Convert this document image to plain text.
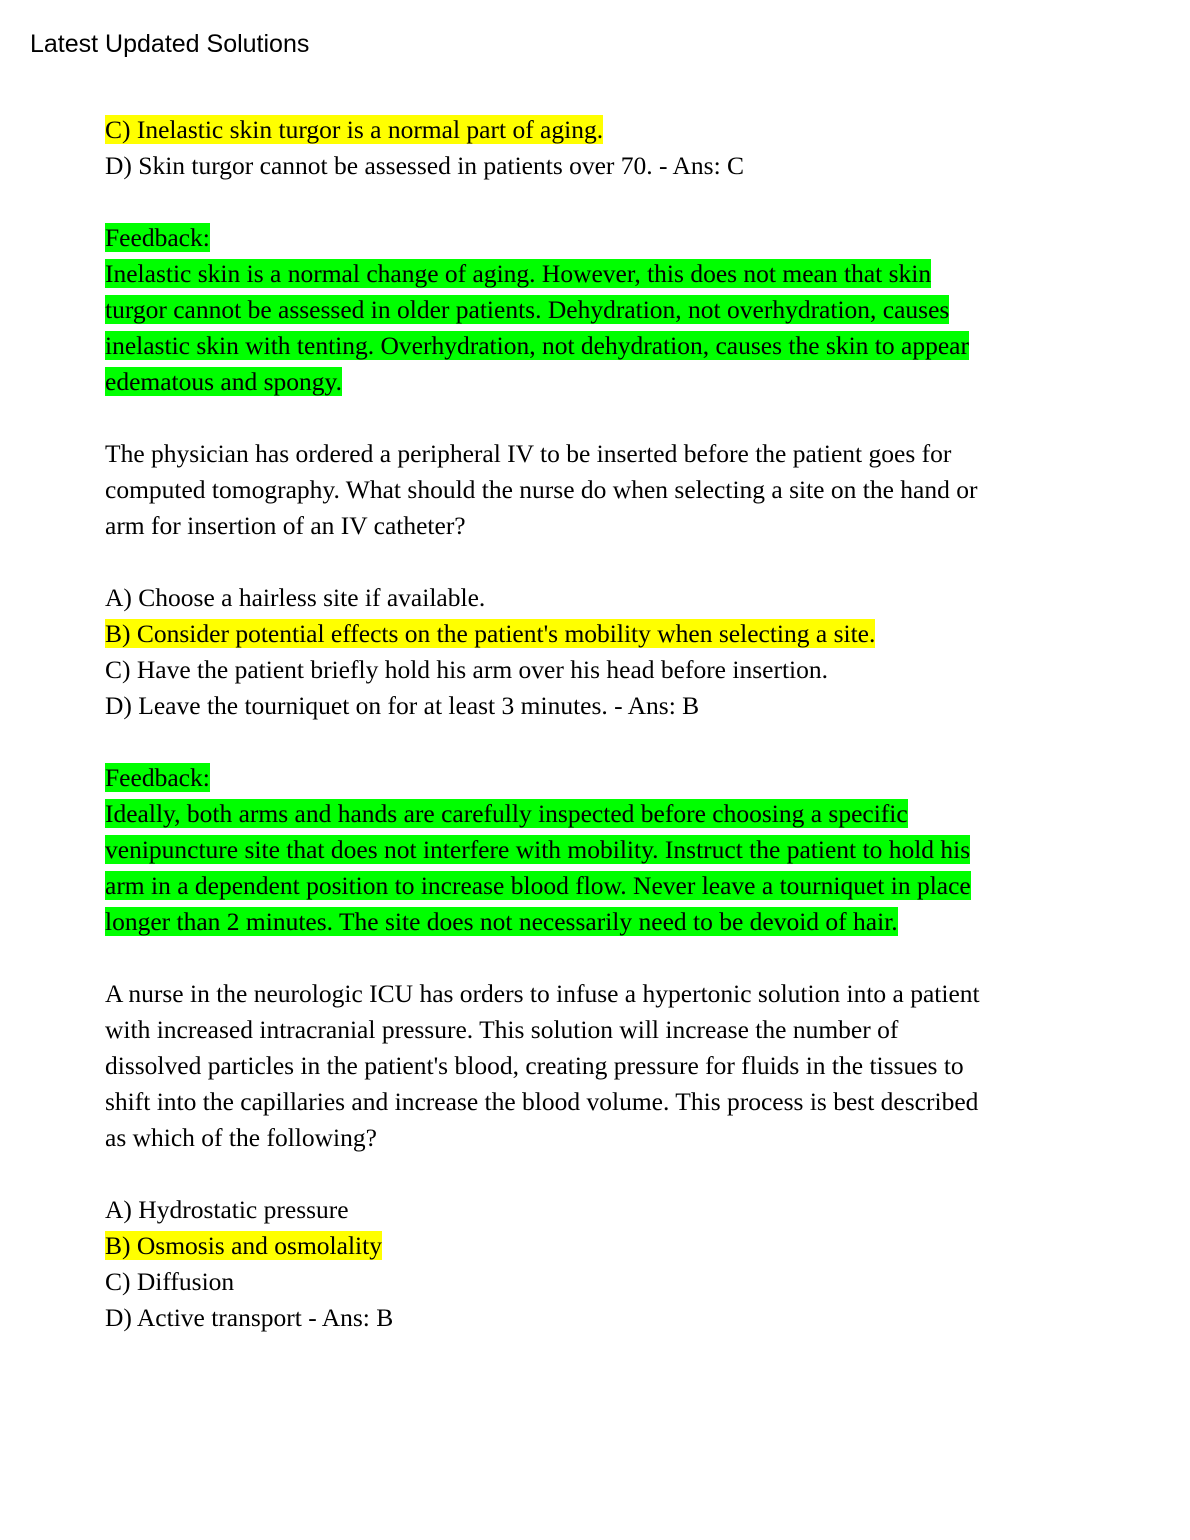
Latest Updated Solutions
C) Inelastic skin turgor is a normal part of aging.
D) Skin turgor cannot be assessed in patients over 70. - Ans: C
Feedback:
Inelastic skin is a normal change of aging. However, this does not mean that skin
turgor cannot be assessed in older patients. Dehydration, not overhydration, causes
inelastic skin with tenting. Overhydration, not dehydration, causes the skin to appear
edematous and spongy.
The physician has ordered a peripheral IV to be inserted before the patient goes for
computed tomography. What should the nurse do when selecting a site on the hand or
arm for insertion of an IV catheter?
A) Choose a hairless site if available.
B) Consider potential effects on the patient's mobility when selecting a site.
C) Have the patient briefly hold his arm over his head before insertion.
D) Leave the tourniquet on for at least 3 minutes. - Ans: B
Feedback:
Ideally, both arms and hands are carefully inspected before choosing a specific
venipuncture site that does not interfere with mobility. Instruct the patient to hold his
arm in a dependent position to increase blood flow. Never leave a tourniquet in place
longer than 2 minutes. The site does not necessarily need to be devoid of hair.
A nurse in the neurologic ICU has orders to infuse a hypertonic solution into a patient
with increased intracranial pressure. This solution will increase the number of
dissolved particles in the patient's blood, creating pressure for fluids in the tissues to
shift into the capillaries and increase the blood volume. This process is best described
as which of the following?
A) Hydrostatic pressure
B) Osmosis and osmolality
C) Diffusion
D) Active transport - Ans: B
